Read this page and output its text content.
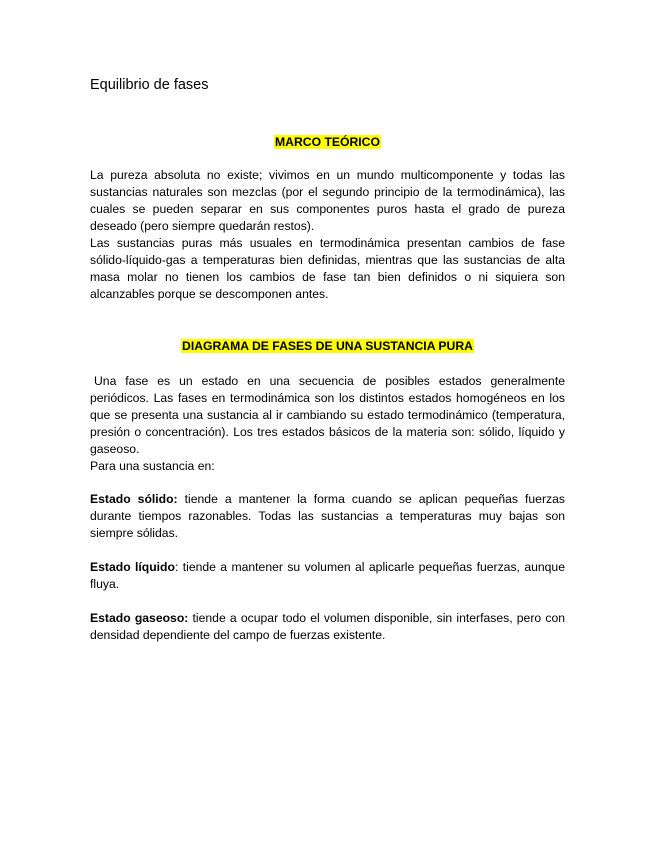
Equilibrio de fases
MARCO TEÓRICO

La pureza absoluta no existe; vivimos en un mundo multicomponente y todas las sustancias naturales son mezclas (por el segundo principio de la termodinámica), las cuales se pueden separar en sus componentes puros hasta el grado de pureza deseado (pero siempre quedarán restos).

Las sustancias puras más usuales en termodinámica presentan cambios de fase sólido-líquido-gas a temperaturas bien definidas, mientras que las sustancias de alta masa molar no tienen los cambios de fase tan bien definidos o ni siquiera son alcanzables porque se descomponen antes.

DIAGRAMA DE FASES DE UNA SUSTANCIA PURA

Una fase es un estado en una secuencia de posibles estados generalmente periódicos. Las fases en termodinámica son los distintos estados homogéneos en los que se presenta una sustancia al ir cambiando su estado termodinámico (temperatura, presión o concentración). Los tres estados básicos de la materia son: sólido, líquido y gaseoso.

Para una sustancia en:

Estado sólido: tiende a mantener la forma cuando se aplican pequeñas fuerzas durante tiempos razonables. Todas las sustancias a temperaturas muy bajas son siempre sólidas.

Estado líquido: tiende a mantener su volumen al aplicarle pequeñas fuerzas, aunque fluya.

Estado gaseoso: tiende a ocupar todo el volumen disponible, sin interfases, pero con densidad dependiente del campo de fuerzas existente.
